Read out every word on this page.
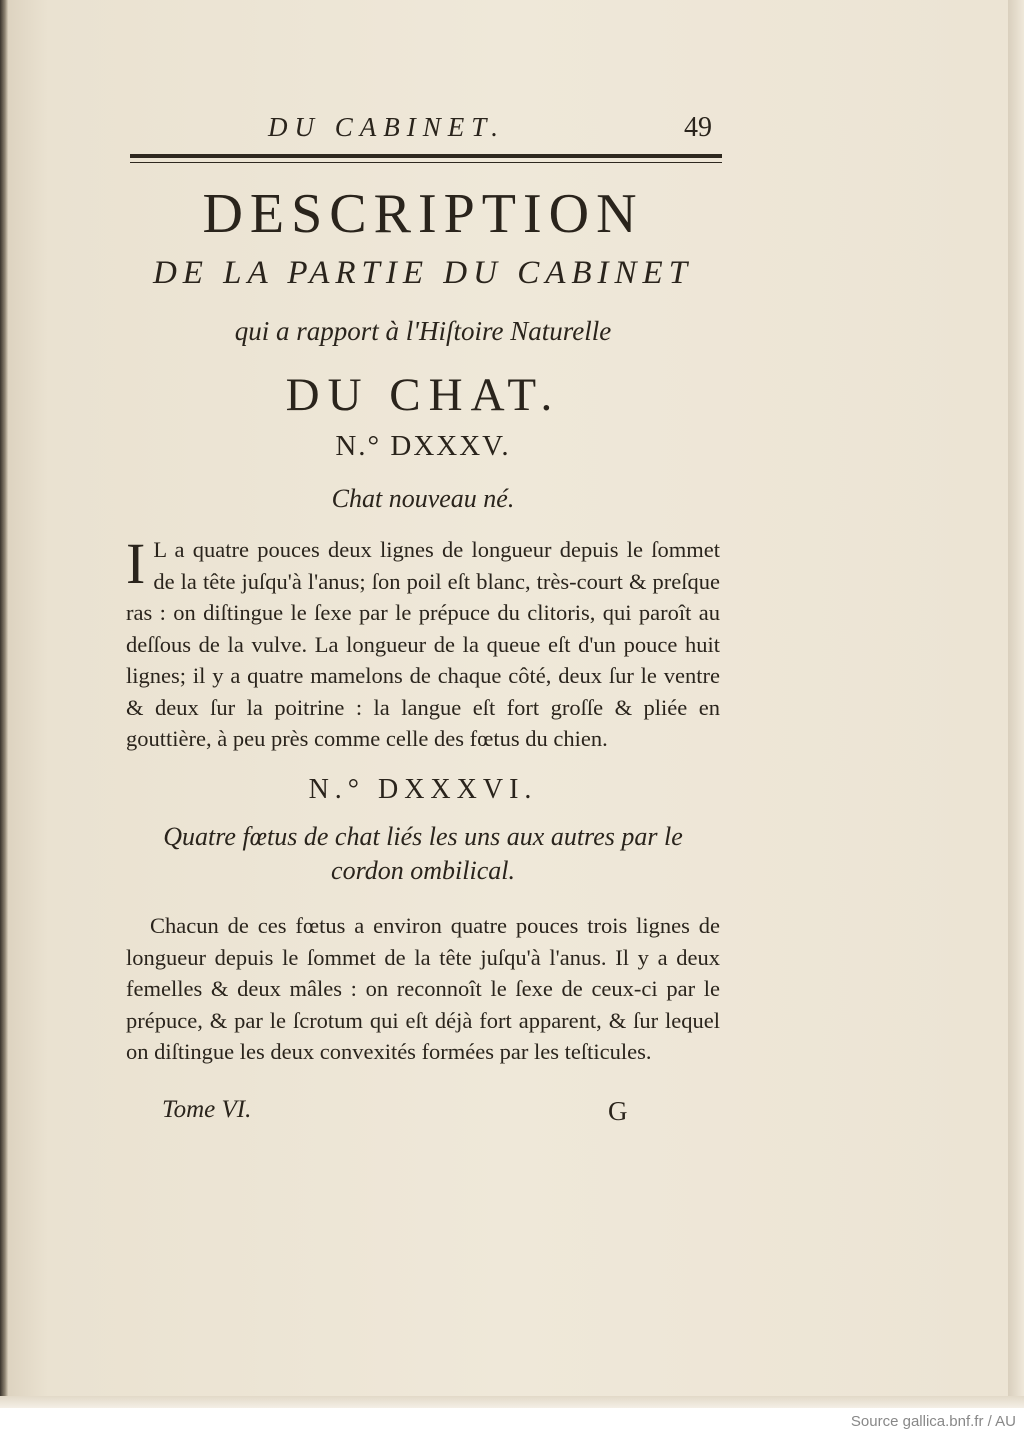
DU CABINET.	49
DESCRIPTION
DE LA PARTIE DU CABINET
qui a rapport à l'Hiſtoire Naturelle
DU CHAT.
N.° DXXXV.
Chat nouveau né.
I L a quatre pouces deux lignes de longueur depuis le ſommet de la tête juſqu'à l'anus; ſon poil eſt blanc, très-court & preſque ras : on diſtingue le ſexe par le prépuce du clitoris, qui paroît au deſſous de la vulve. La longueur de la queue eſt d'un pouce huit lignes; il y a quatre mamelons de chaque côté, deux ſur le ventre & deux ſur la poitrine : la langue eſt fort groſſe & pliée en gouttière, à peu près comme celle des fœtus du chien.
N.° DXXXVI.
Quatre fœtus de chat liés les uns aux autres par le cordon ombilical.
Chacun de ces fœtus a environ quatre pouces trois lignes de longueur depuis le ſommet de la tête juſqu'à l'anus. Il y a deux femelles & deux mâles : on reconnoît le ſexe de ceux-ci par le prépuce, & par le ſcrotum qui eſt déjà fort apparent, & ſur lequel on diſtingue les deux convexités formées par les teſticules.
Tome VI.	G
Source gallica.bnf.fr / AU
